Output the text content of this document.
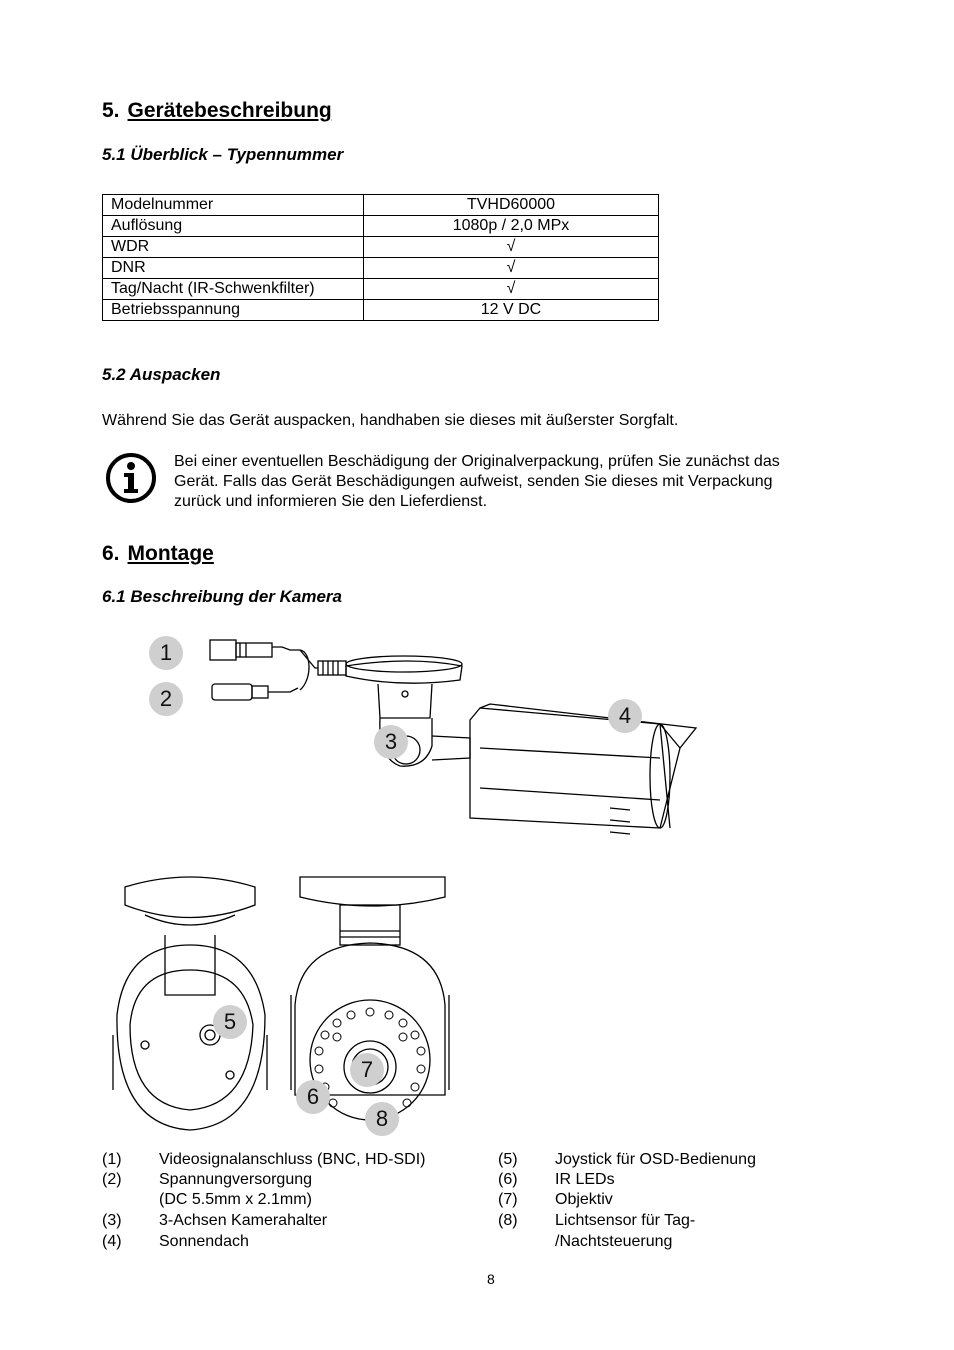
5. Gerätebeschreibung
5.1 Überblick – Typennummer
Modelnummer	TVHD60000
Auflösung	1080p / 2,0 MPx
WDR	√
DNR	√
Tag/Nacht (IR-Schwenkfilter)	√
Betriebsspannung	12 V DC
5.2 Auspacken
Während Sie das Gerät auspacken, handhaben sie dieses mit äußerster Sorgfalt.
Bei einer eventuellen Beschädigung der Originalverpackung, prüfen Sie zunächst das
Gerät. Falls das Gerät Beschädigungen aufweist, senden Sie dieses mit Verpackung
zurück und informieren Sie den Lieferdienst.
6. Montage
6.1 Beschreibung der Kamera
1
2
3
4
5
6
7
8
(1) Videosignalanschluss (BNC, HD-SDI)
(2) Spannungversorgung
(DC 5.5mm x 2.1mm)
(3) 3-Achsen Kamerahalter
(4) Sonnendach
(5) Joystick für OSD-Bedienung
(6) IR LEDs
(7) Objektiv
(8) Lichtsensor für Tag-
/Nachtsteuerung
8
